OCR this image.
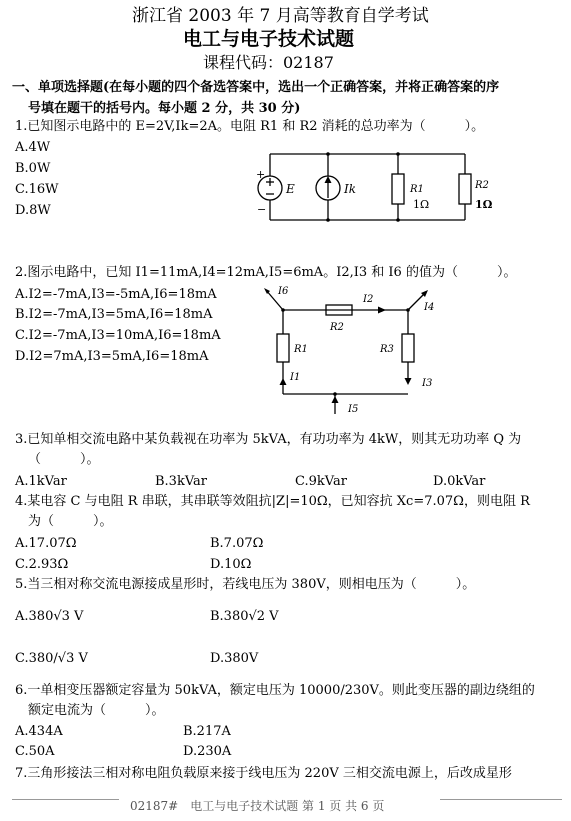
浙江省 2003 年 7 月高等教育自学考试
电工与电子技术试题
课程代码：02187
一、单项选择题(在每小题的四个备选答案中，选出一个正确答案，并将正确答案的序
号填在题干的括号内。每小题 2 分，共 30 分)
1.已知图示电路中的 E=2V,Ik=2A。电阻 R1 和 R2 消耗的总功率为（　　　）。
A.4W
B.0W
C.16W
D.8W
+
−
E	Ik	R1
1Ω
R2
1Ω
2.图示电路中，已知 I1=11mA,I4=12mA,I5=6mA。I2,I3 和 I6 的值为（　　　）。
A.I2=-7mA,I3=-5mA,I6=18mA
B.I2=-7mA,I3=5mA,I6=18mA
C.I2=-7mA,I3=10mA,I6=18mA
D.I2=7mA,I3=5mA,I6=18mA
I6
I2
I4
R2
R1	R3
I1
I3
I5
3.已知单相交流电路中某负载视在功率为 5kVA，有功功率为 4kW，则其无功功率 Q 为
（　　　）。
A.1kVar	B.3kVar	C.9kVar	D.0kVar
4.某电容 C 与电阻 R 串联，其串联等效阻抗|Z|=10Ω，已知容抗 Xc=7.07Ω，则电阻 R
为（　　　）。
A.17.07Ω	B.7.07Ω
C.2.93Ω	D.10Ω
5.当三相对称交流电源接成星形时，若线电压为 380V，则相电压为（　　　）。
A.380√3 V	B.380√2 V
C.380/√3 V	D.380V
6.一单相变压器额定容量为 50kVA，额定电压为 10000/230V。则此变压器的副边绕组的
额定电流为（　　　）。
A.434A	B.217A
C.50A	D.230A
7.三角形接法三相对称电阻负载原来接于线电压为 220V 三相交流电源上，后改成星形
02187#　电工与电子技术试题 第 1 页 共 6 页
